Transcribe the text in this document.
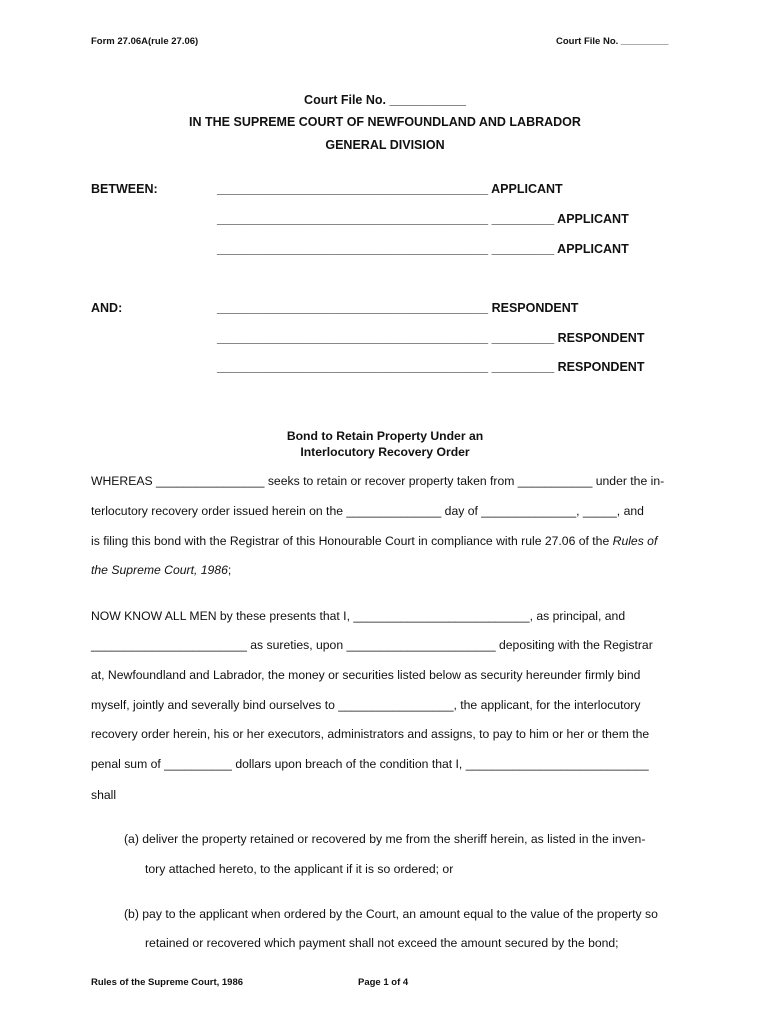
Form 27.06A(rule 27.06)	Court File No. _________
Court File No. ___________
IN THE SUPREME COURT OF NEWFOUNDLAND AND LABRADOR
GENERAL DIVISION
BETWEEN:	_______________________________________ APPLICANT
_______________________________________ _________ APPLICANT
_______________________________________ _________ APPLICANT
AND:	_______________________________________ RESPONDENT
_______________________________________ _________ RESPONDENT
_______________________________________ _________ RESPONDENT
Bond to Retain Property Under an
Interlocutory Recovery Order
WHEREAS ________________ seeks to retain or recover property taken from ___________ under the in-
terlocutory recovery order issued herein on the ______________ day of ______________, _____, and
is filing this bond with the Registrar of this Honourable Court in compliance with rule 27.06 of the Rules of
the Supreme Court, 1986;
NOW KNOW ALL MEN by these presents that I, __________________________, as principal, and
_______________________ as sureties, upon ______________________ depositing with the Registrar
at, Newfoundland and Labrador, the money or securities listed below as security hereunder firmly bind
myself, jointly and severally bind ourselves to _________________, the applicant, for the interlocutory
recovery order herein, his or her executors, administrators and assigns, to pay to him or her or them the
penal sum of __________ dollars upon breach of the condition that I, ___________________________
shall
(a) deliver the property retained or recovered by me from the sheriff herein, as listed in the inven-
tory attached hereto, to the applicant if it is so ordered; or
(b) pay to the applicant when ordered by the Court, an amount equal to the value of the property so
retained or recovered which payment shall not exceed the amount secured by the bond;
Rules of the Supreme Court, 1986	Page 1 of 4
